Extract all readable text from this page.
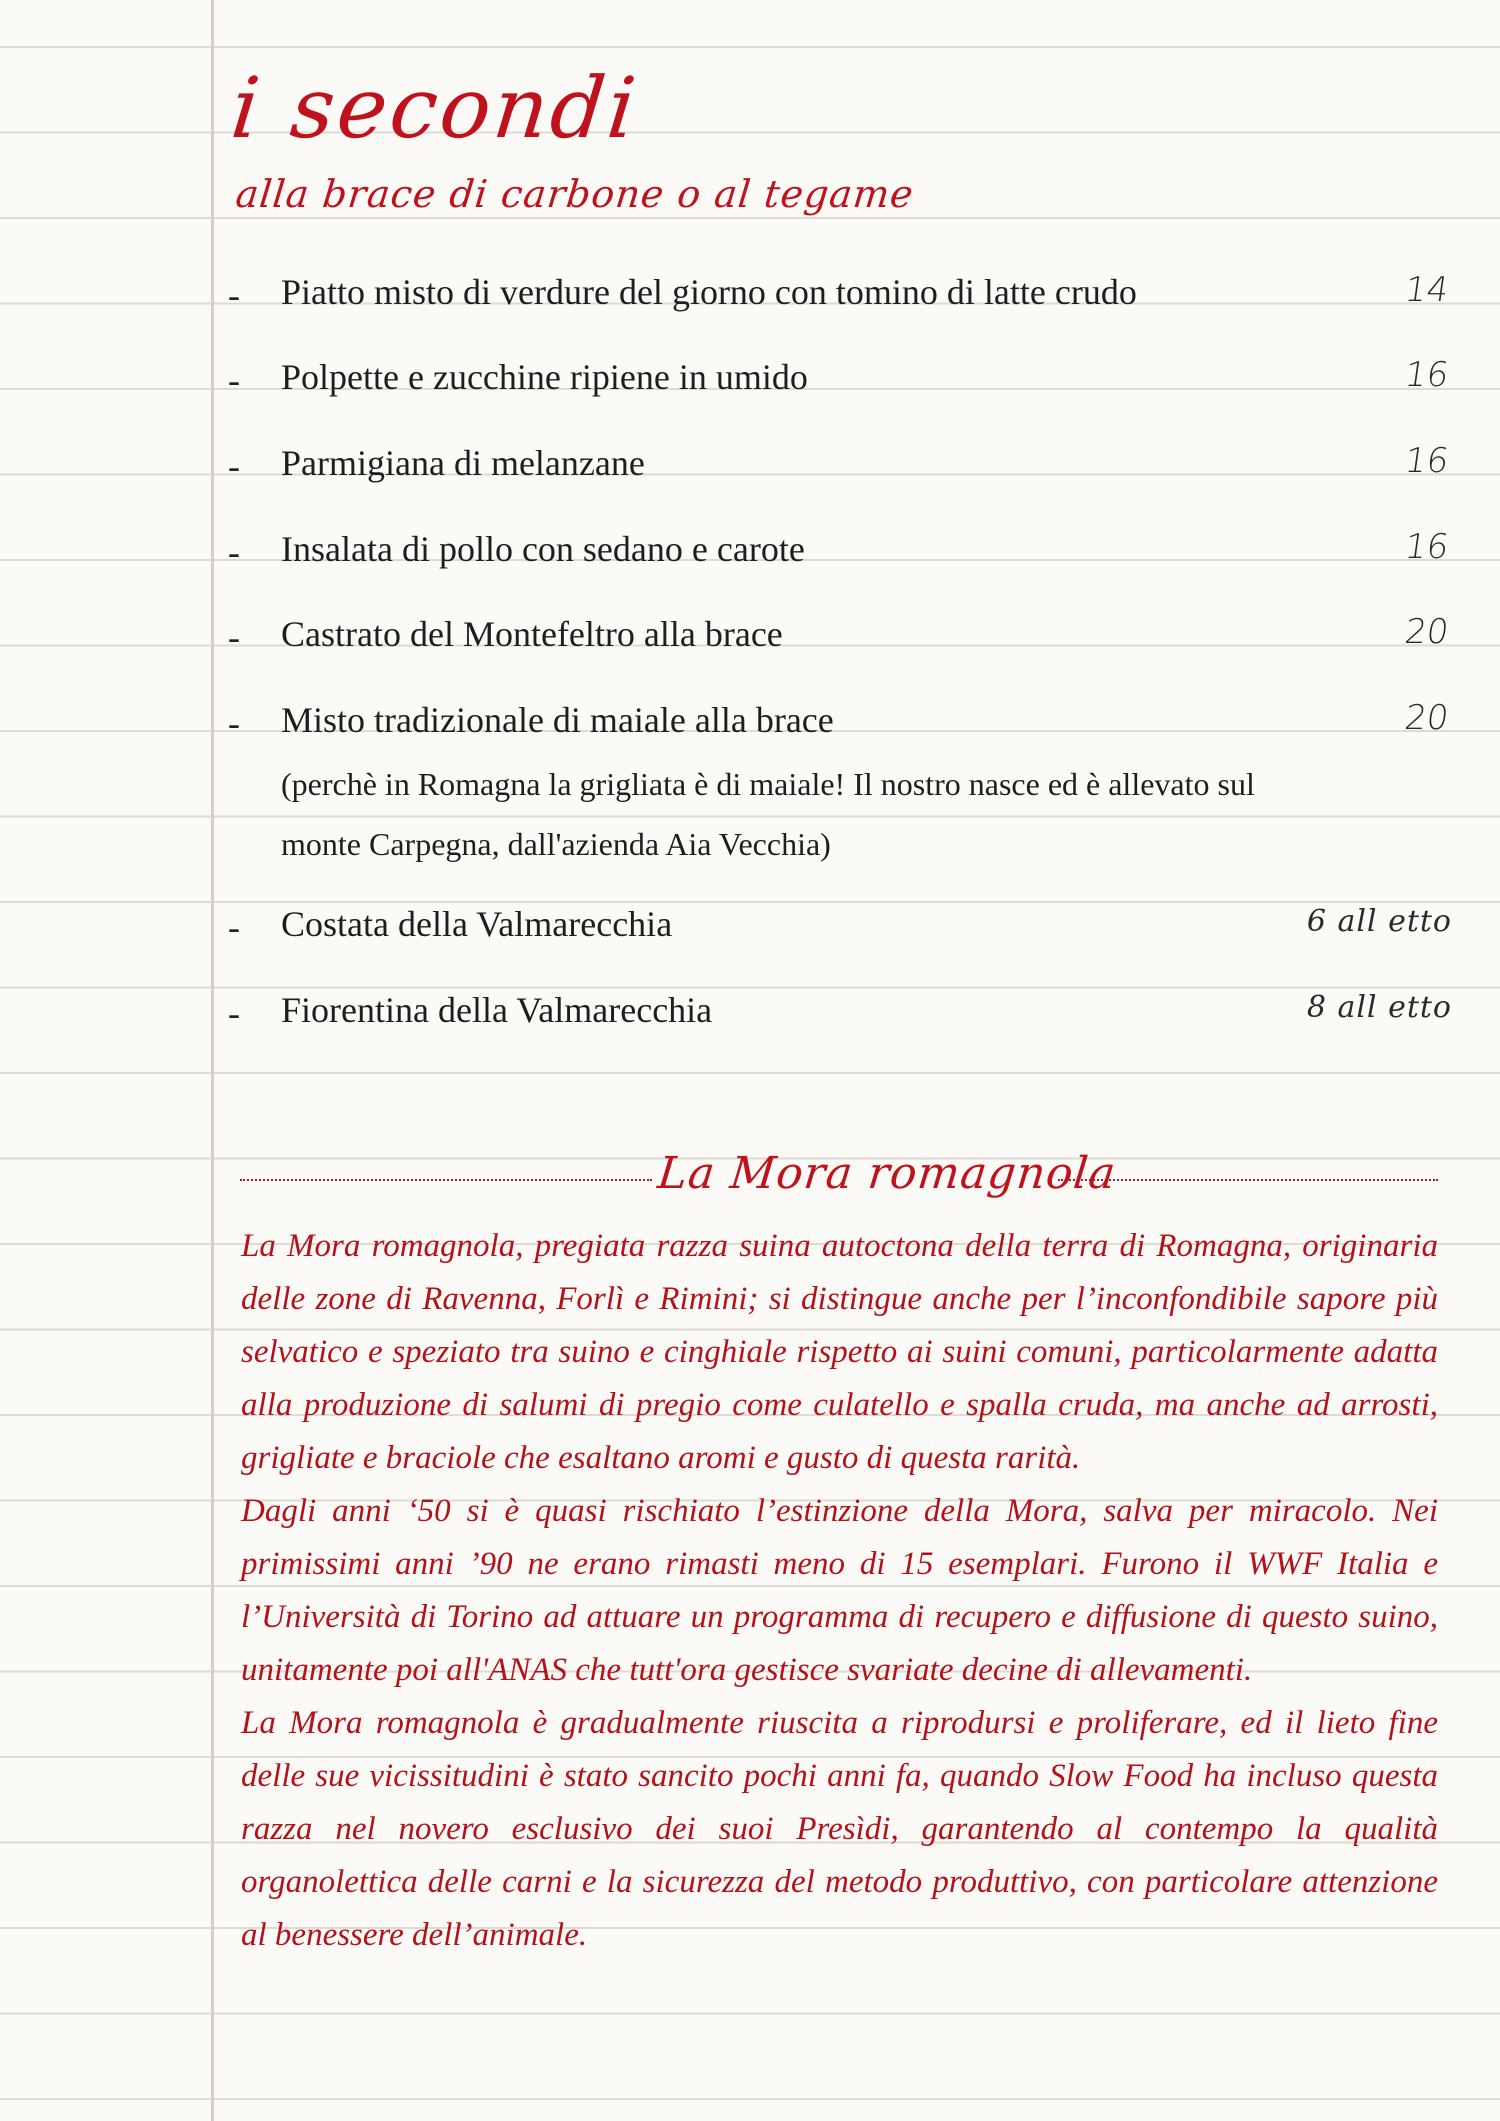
i secondi
alla brace di carbone o al tegame
- Piatto misto di verdure del giorno con tomino di latte crudo	14
- Polpette e zucchine ripiene in umido	16
- Parmigiana di melanzane	16
- Insalata di pollo con sedano e carote	16
- Castrato del Montefeltro alla brace	20
- Misto tradizionale di maiale alla brace	20
(perchè in Romagna la grigliata è di maiale! Il nostro nasce ed è allevato sul monte Carpegna, dall'azienda Aia Vecchia)
- Costata della Valmarecchia	6 all etto
- Fiorentina della Valmarecchia	8 all etto
La Mora romagnola

La Mora romagnola, pregiata razza suina autoctona della terra di Romagna, originaria delle zone di Ravenna, Forlì e Rimini; si distingue anche per l’inconfondibile sapore più selvatico e speziato tra suino e cinghiale rispetto ai suini comuni, particolarmente adatta alla produzione di salumi di pregio come culatello e spalla cruda, ma anche ad arrosti, grigliate e braciole che esaltano aromi e gusto di questa rarità.

Dagli anni ‘50 si è quasi rischiato l’estinzione della Mora, salva per miracolo. Nei primissimi anni ’90 ne erano rimasti meno di 15 esemplari. Furono il WWF Italia e l’Università di Torino ad attuare un programma di recupero e diffusione di questo suino, unitamente poi all'ANAS che tutt'ora gestisce svariate decine di allevamenti.

La Mora romagnola è gradualmente riuscita a riprodursi e proliferare, ed il lieto fine delle sue vicissitudini è stato sancito pochi anni fa, quando Slow Food ha incluso questa razza nel novero esclusivo dei suoi Presìdi, garantendo al contempo la qualità organolettica delle carni e la sicurezza del metodo produttivo, con particolare attenzione al benessere dell’animale.
